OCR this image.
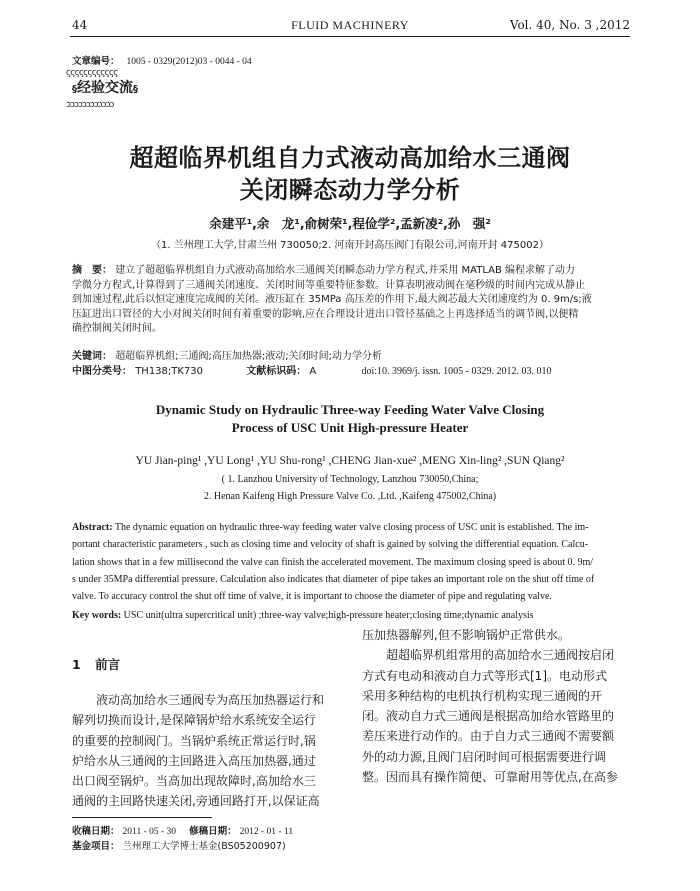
44	FLUID MACHINERY	Vol. 40, No. 3 ,2012
文章编号： 1005 - 0329(2012)03 - 0044 - 04
ςςςςςςςςςςςς
§经验交流§
ɔɔɔɔɔɔɔɔɔɔɔɔ
超超临界机组自力式液动高加给水三通阀
关闭瞬态动力学分析
余建平¹,余　龙¹,俞树荣¹,程俭学²,孟新凌²,孙　强²
（1. 兰州理工大学,甘肃兰州 730050;2. 河南开封高压阀门有限公司,河南开封 475002）
摘　要： 建立了超超临界机组自力式液动高加给水三通阀关闭瞬态动力学方程式,并采用 MATLAB 编程求解了动力
学微分方程式,计算得到了三通阀关闭速度、关闭时间等重要特征参数。计算表明液动阀在毫秒级的时间内完成从静止
到加速过程,此后以恒定速度完成阀的关闭。液压缸在 35MPa 高压差的作用下,最大阀芯最大关闭速度约为 0. 9m/s;液
压缸进出口管径的大小对阀关闭时间有着重要的影响,应在合理设计进出口管径基础之上再选择适当的调节阀,以便精
确控制阀关闭时间。
关键词： 超超临界机组;三通阀;高压加热器;液动;关闭时间;动力学分析
中图分类号： TH138;TK730	文献标识码： A	doi:10. 3969/j. issn. 1005 - 0329. 2012. 03. 010
Dynamic Study on Hydraulic Three-way Feeding Water Valve Closing
Process of USC Unit High-pressure Heater
YU Jian-ping¹ ,YU Long¹ ,YU Shu-rong¹ ,CHENG Jian-xue² ,MENG Xin-ling² ,SUN Qiang²
( 1. Lanzhou University of Technology, Lanzhou 730050,China;
2. Henan Kaifeng High Pressure Valve Co. ,Ltd. ,Kaifeng 475002,China)
Abstract: The dynamic equation on hydraulic three-way feeding water valve closing process of USC unit is established. The im-
portant characteristic parameters , such as closing time and velocity of shaft is gained by solving the differential equation. Calcu-
lation shows that in a few millisecond the valve can finish the accelerated movement. The maximum closing speed is about 0. 9m/
s under 35MPa differential pressure. Calculation also indicates that diameter of pipe takes an important role on the shut off time of
valve. To accuracy control the shut off time of valve, it is important to choose the diameter of pipe and regulating valve.
Key words: USC unit(ultra supercritical unit) ;three-way valve;high-pressure heater;closing time;dynamic analysis
1 前言
液动高加给水三通阀专为高压加热器运行和
解列切换而设计,是保障锅炉给水系统安全运行
的重要的控制阀门。当锅炉系统正常运行时,锅
炉给水从三通阀的主回路进入高压加热器,通过
出口阀至锅炉。当高加出现故障时,高加给水三
通阀的主回路快速关闭,旁通回路打开,以保证高
压加热器解列,但不影响锅炉正常供水。
超超临界机组常用的高加给水三通阀按启闭
方式有电动和液动自力式等形式[1]。电动形式
采用多种结构的电机执行机构实现三通阀的开
闭。液动自力式三通阀是根据高加给水管路里的
差压来进行动作的。由于自力式三通阀不需要额
外的动力源,且阀门启闭时间可根据需要进行调
整。因而具有操作简便、可靠耐用等优点,在高参
收稿日期： 2011 - 05 - 30 修稿日期： 2012 - 01 - 11
基金项目： 兰州理工大学博士基金(BS05200907)
